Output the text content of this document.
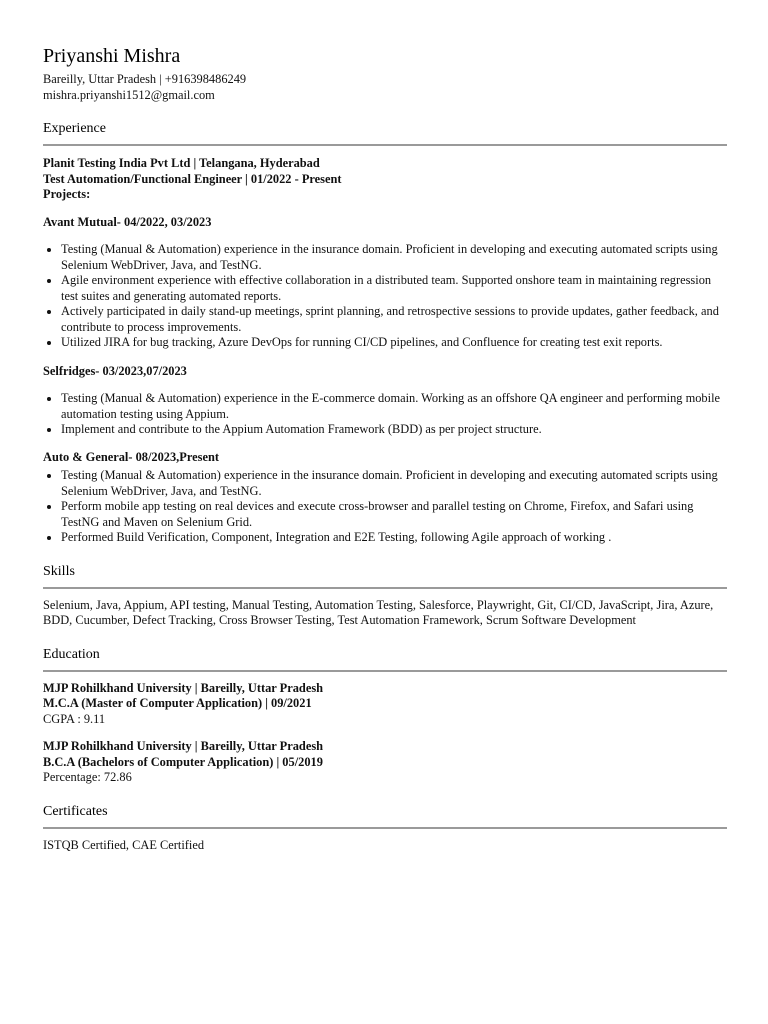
Priyanshi Mishra

Bareilly, Uttar Pradesh | +916398486249

mishra.priyanshi1512@gmail.com

Experience

Planit Testing India Pvt Ltd | Telangana, Hyderabad

Test Automation/Functional Engineer | 01/2022 - Present

Projects:

Avant Mutual- 04/2022, 03/2023

• Testing (Manual & Automation) experience in the insurance domain. Proficient in developing and executing automated scripts using Selenium WebDriver, Java, and TestNG.
• Agile environment experience with effective collaboration in a distributed team. Supported onshore team in maintaining regression test suites and generating automated reports.
• Actively participated in daily stand-up meetings, sprint planning, and retrospective sessions to provide updates, gather feedback, and contribute to process improvements.
• Utilized JIRA for bug tracking, Azure DevOps for running CI/CD pipelines, and Confluence for creating test exit reports.

Selfridges- 03/2023,07/2023

• Testing (Manual & Automation) experience in the E-commerce domain. Working as an offshore QA engineer and performing mobile automation testing using Appium.
• Implement and contribute to the Appium Automation Framework (BDD) as per project structure.

Auto & General- 08/2023,Present

• Testing (Manual & Automation) experience in the insurance domain. Proficient in developing and executing automated scripts using Selenium WebDriver, Java, and TestNG.
• Perform mobile app testing on real devices and execute cross-browser and parallel testing on Chrome, Firefox, and Safari using TestNG and Maven on Selenium Grid.
• Performed Build Verification, Component, Integration and E2E Testing, following Agile approach of working .
Skills

Selenium, Java, Appium, API testing, Manual Testing, Automation Testing, Salesforce, Playwright, Git, CI/CD, JavaScript, Jira, Azure, BDD, Cucumber, Defect Tracking, Cross Browser Testing, Test Automation Framework, Scrum Software Development

Education

MJP Rohilkhand University | Bareilly, Uttar Pradesh

M.C.A (Master of Computer Application) | 09/2021

CGPA : 9.11

MJP Rohilkhand University | Bareilly, Uttar Pradesh

B.C.A (Bachelors of Computer Application) | 05/2019

Percentage: 72.86

Certificates

ISTQB Certified, CAE Certified
